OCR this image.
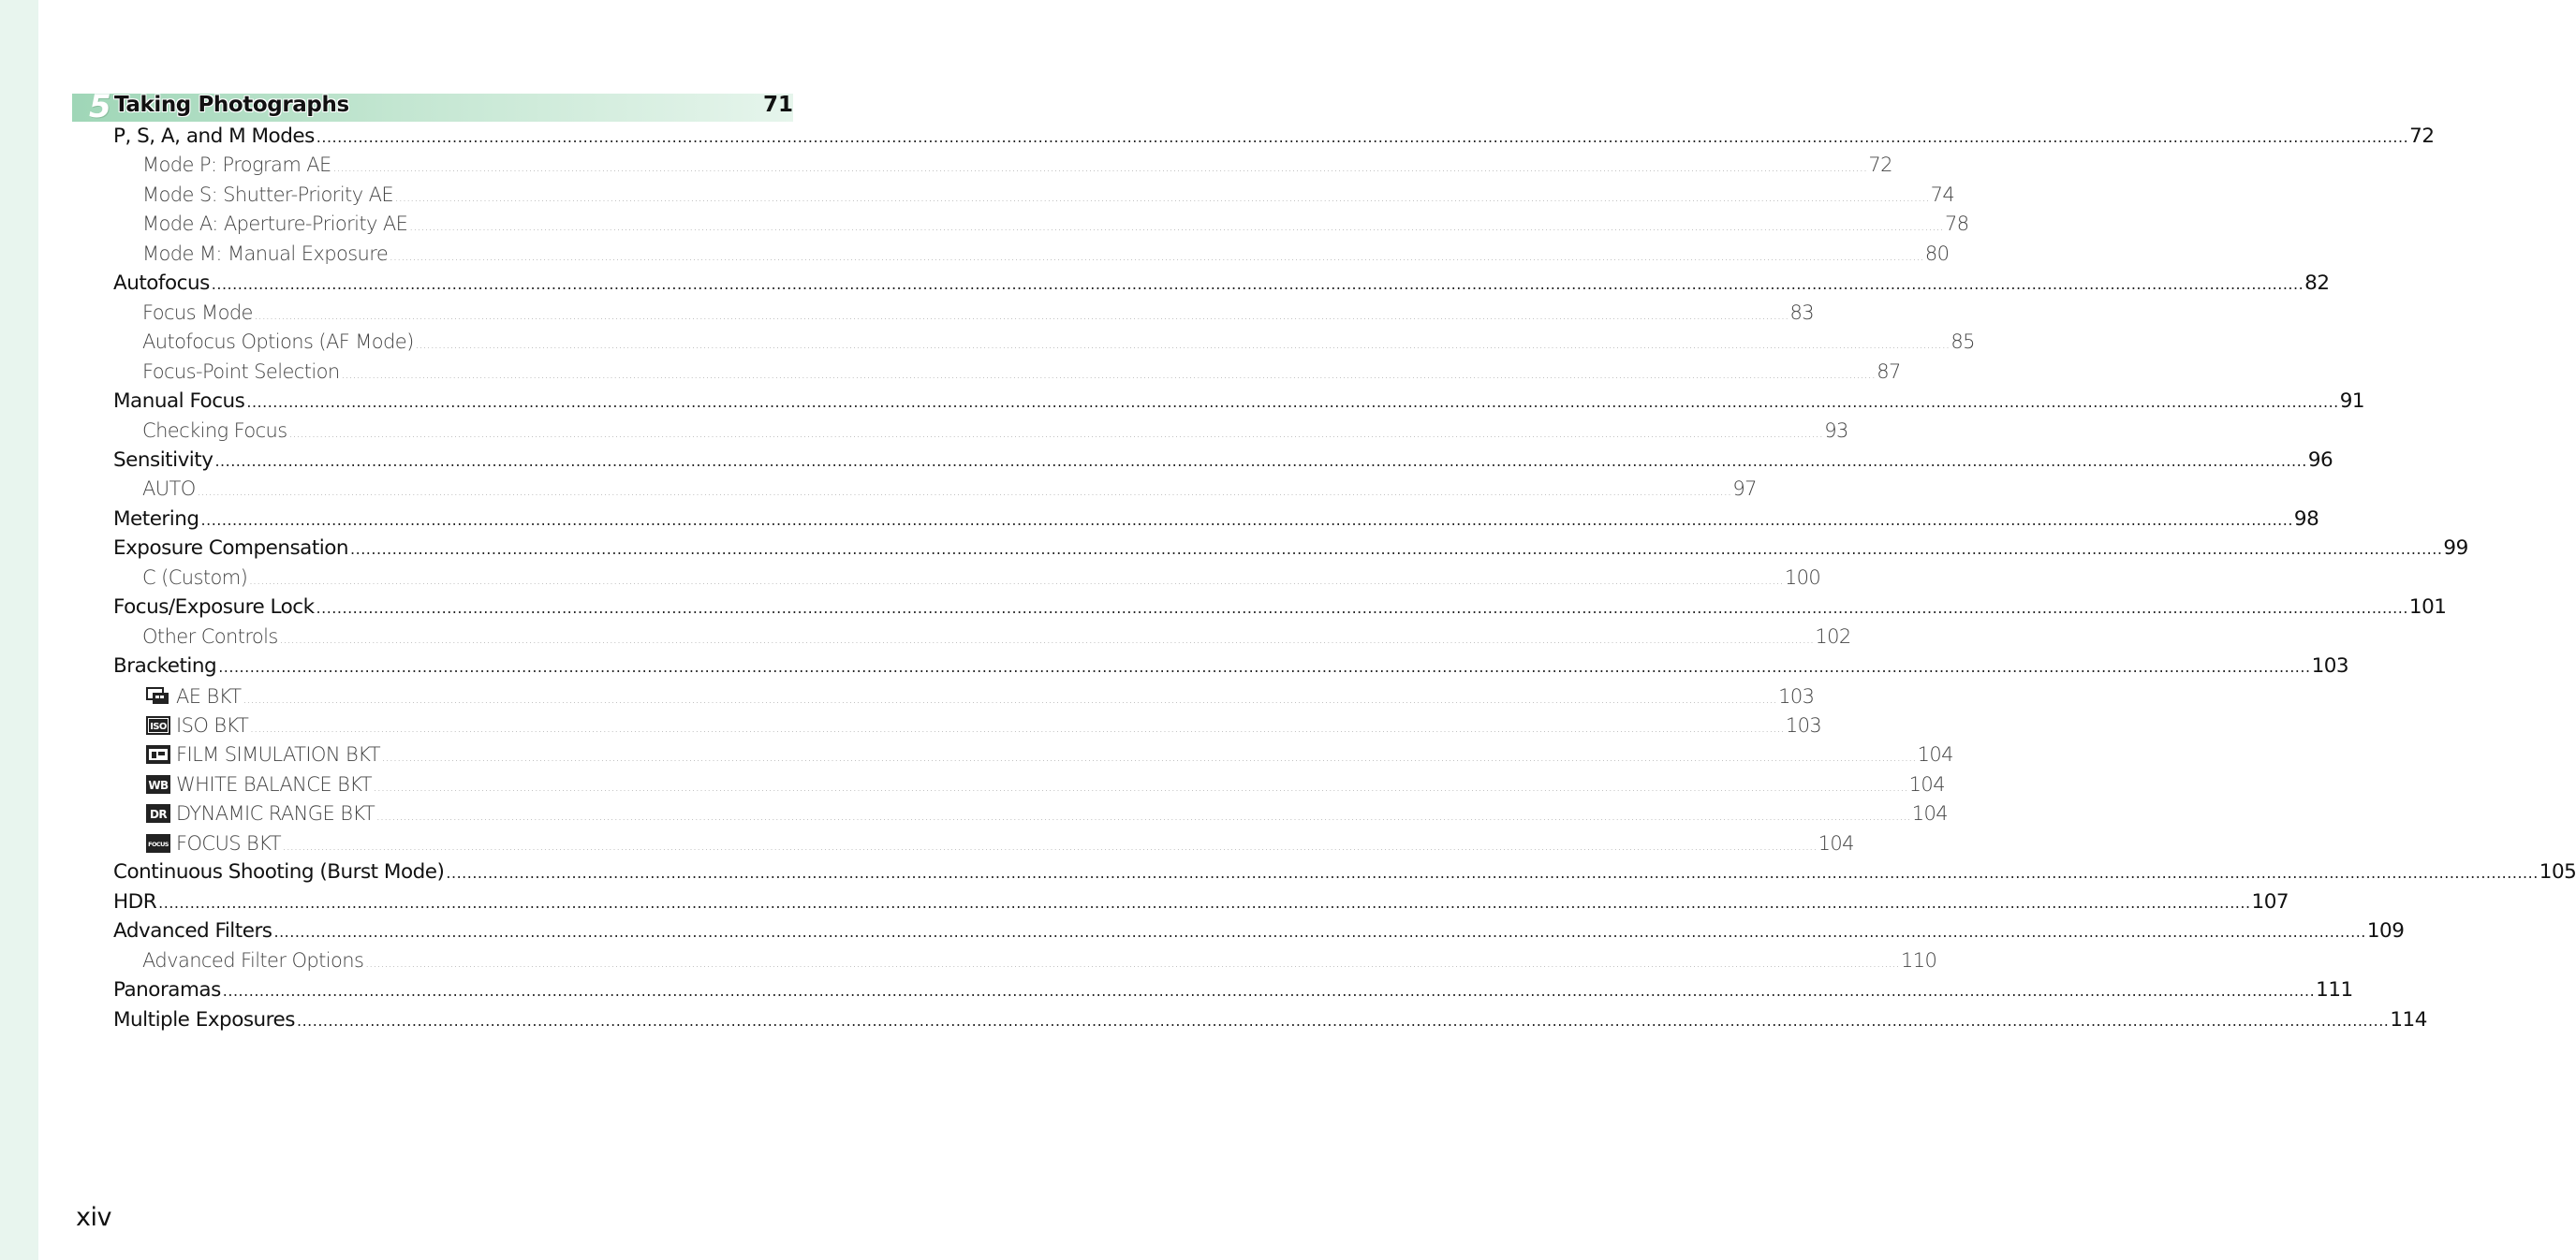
5 Taking Photographs	71
P, S, A, and M Modes ................................................................................................................................................................................................................................................................................................................................................................................................................ 72
Mode P: Program AE ................................................................................................................................................................................................................................................................................................................................................................................................................ 72
Mode S: Shutter-Priority AE ................................................................................................................................................................................................................................................................................................................................................................................................................ 74
Mode A: Aperture-Priority AE ................................................................................................................................................................................................................................................................................................................................................................................................................ 78
Mode M: Manual Exposure ................................................................................................................................................................................................................................................................................................................................................................................................................ 80
Autofocus ................................................................................................................................................................................................................................................................................................................................................................................................................ 82
Focus Mode ................................................................................................................................................................................................................................................................................................................................................................................................................ 83
Autofocus Options (AF Mode) ................................................................................................................................................................................................................................................................................................................................................................................................................ 85
Focus-Point Selection ................................................................................................................................................................................................................................................................................................................................................................................................................ 87
Manual Focus ................................................................................................................................................................................................................................................................................................................................................................................................................ 91
Checking Focus ................................................................................................................................................................................................................................................................................................................................................................................................................ 93
Sensitivity ................................................................................................................................................................................................................................................................................................................................................................................................................ 96
AUTO ................................................................................................................................................................................................................................................................................................................................................................................................................ 97
Metering ................................................................................................................................................................................................................................................................................................................................................................................................................ 98
Exposure Compensation ................................................................................................................................................................................................................................................................................................................................................................................................................ 99
C (Custom) ................................................................................................................................................................................................................................................................................................................................................................................................................ 100
Focus/Exposure Lock ................................................................................................................................................................................................................................................................................................................................................................................................................ 101
Other Controls ................................................................................................................................................................................................................................................................................................................................................................................................................ 102
Bracketing ................................................................................................................................................................................................................................................................................................................................................................................................................ 103
AE BKT ................................................................................................................................................................................................................................................................................................................................................................................................................ 103
ISO ISO BKT ................................................................................................................................................................................................................................................................................................................................................................................................................ 103
FILM SIMULATION BKT ................................................................................................................................................................................................................................................................................................................................................................................................................ 104
WB WHITE BALANCE BKT ................................................................................................................................................................................................................................................................................................................................................................................................................ 104
DR DYNAMIC RANGE BKT ................................................................................................................................................................................................................................................................................................................................................................................................................ 104
FOCUS FOCUS BKT ................................................................................................................................................................................................................................................................................................................................................................................................................ 104
Continuous Shooting (Burst Mode) ................................................................................................................................................................................................................................................................................................................................................................................................................ 105
HDR ................................................................................................................................................................................................................................................................................................................................................................................................................ 107
Advanced Filters ................................................................................................................................................................................................................................................................................................................................................................................................................ 109
Advanced Filter Options ................................................................................................................................................................................................................................................................................................................................................................................................................ 110
Panoramas ................................................................................................................................................................................................................................................................................................................................................................................................................ 111
Multiple Exposures ................................................................................................................................................................................................................................................................................................................................................................................................................ 114
xiv
